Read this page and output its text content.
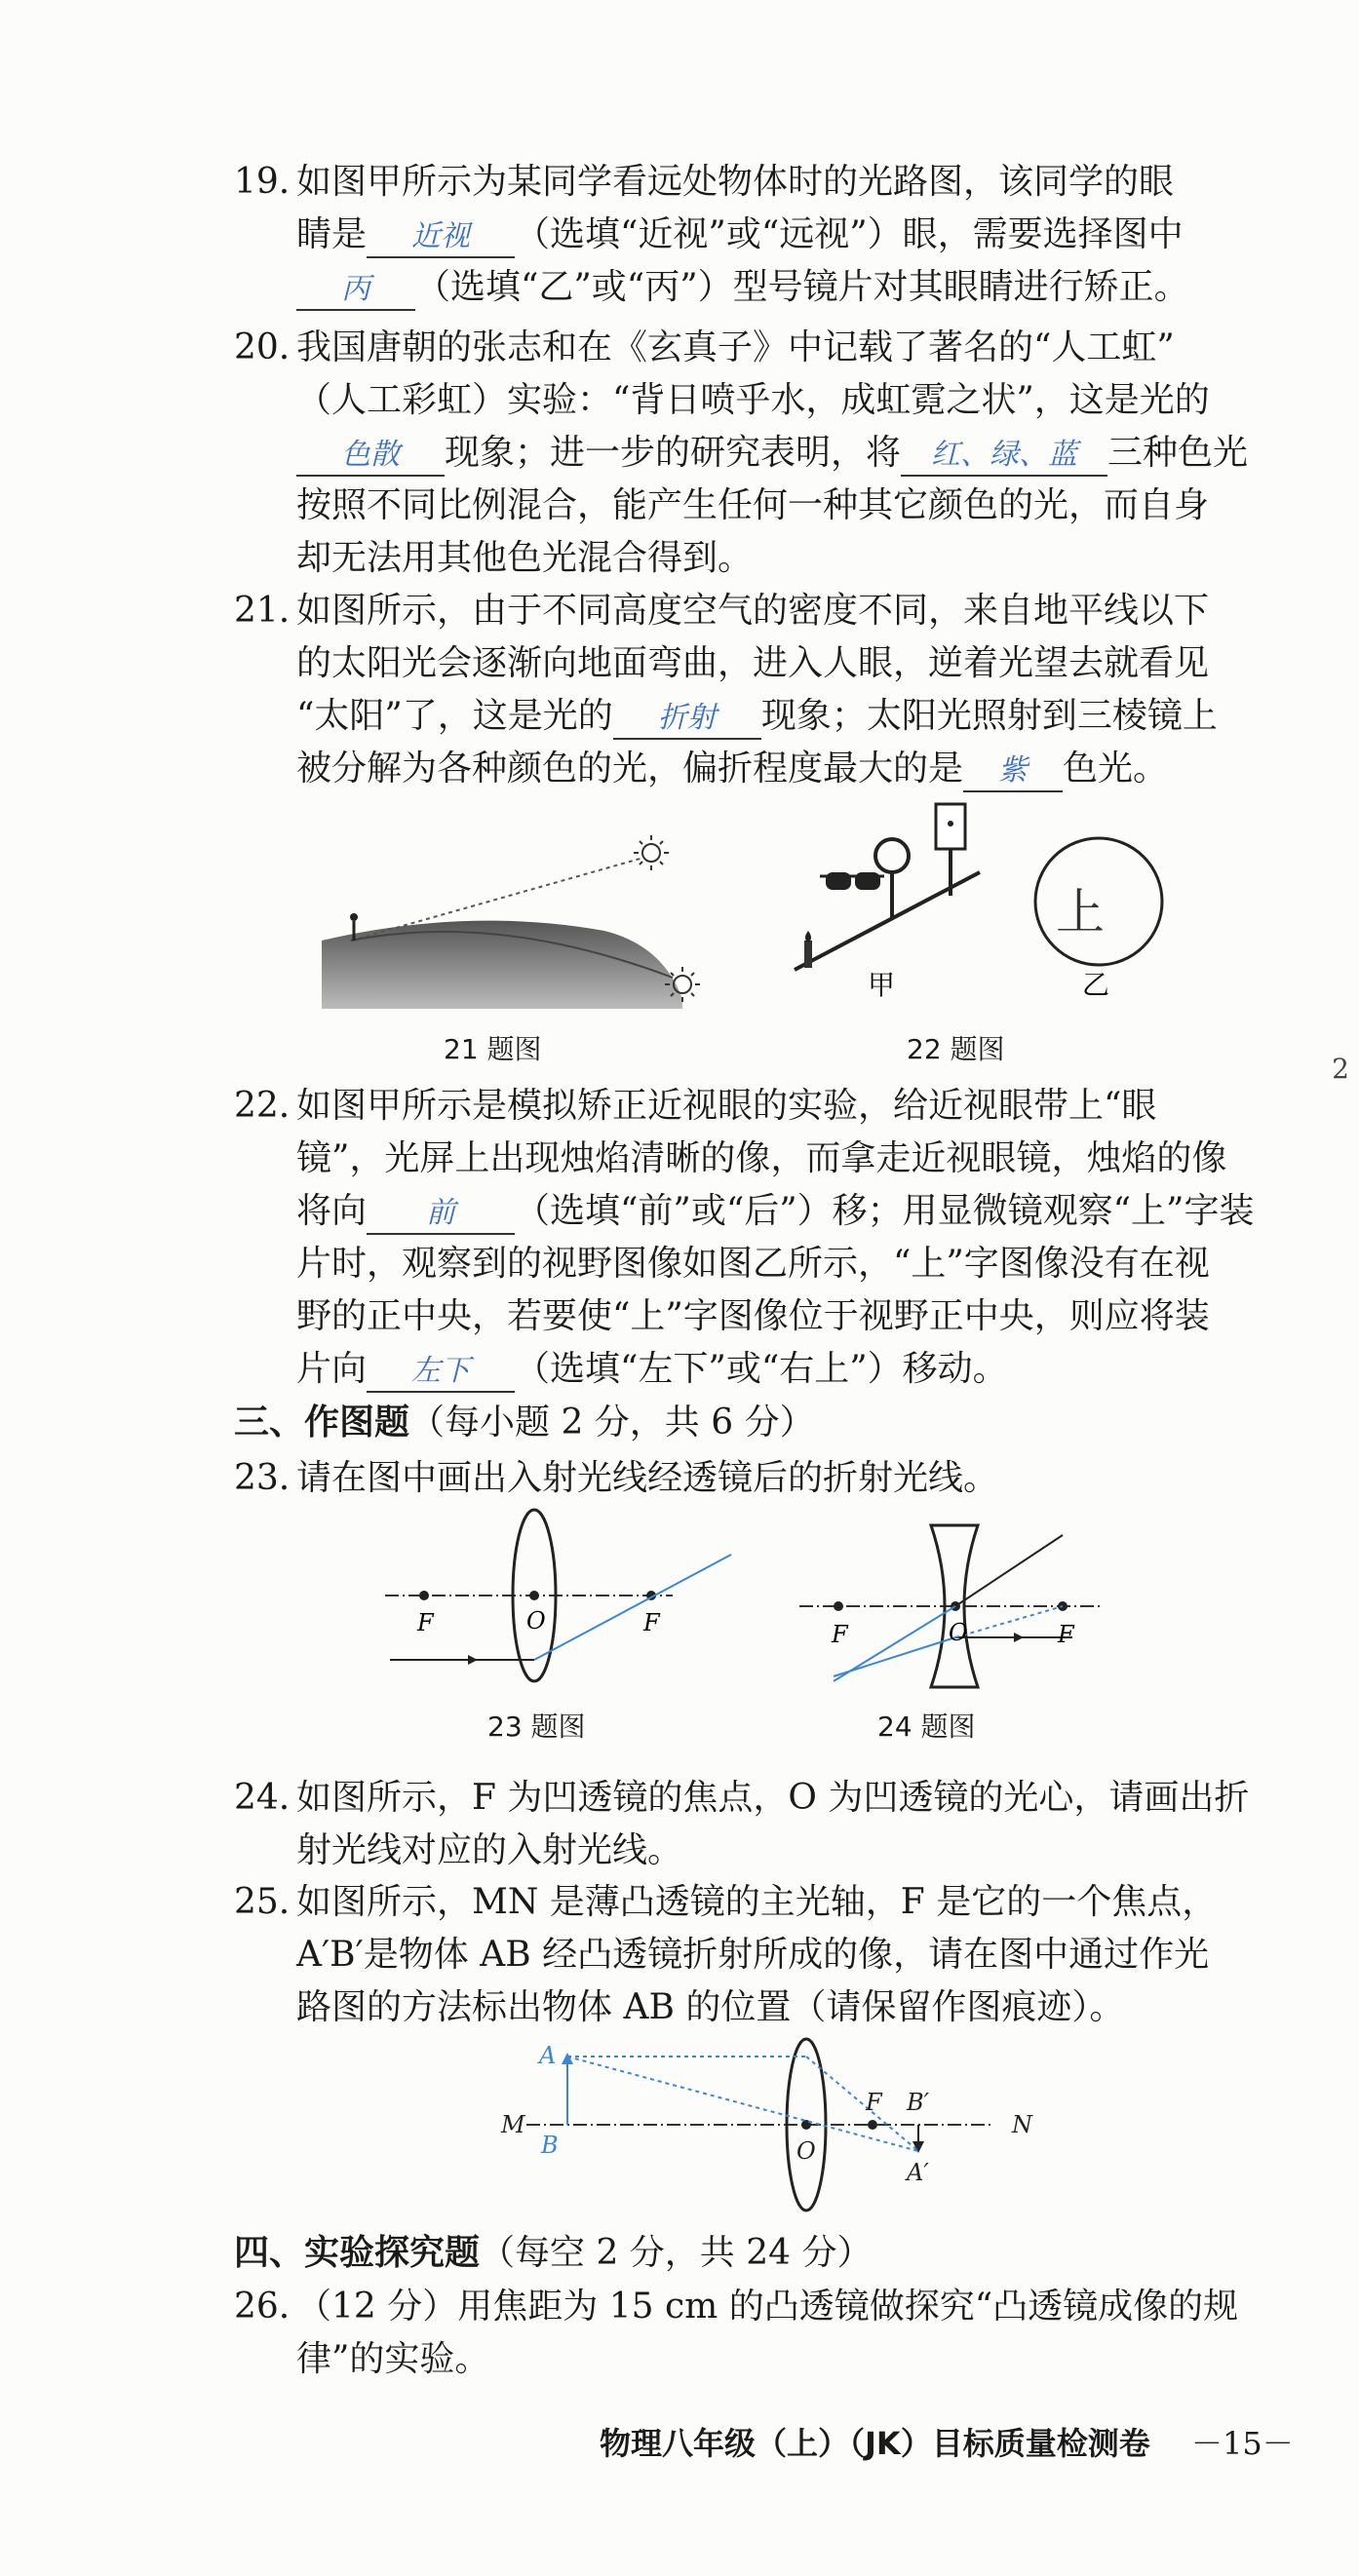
19. 如图甲所示为某同学看远处物体时的光路图，该同学的眼

睛是 近视 （选填“近视”或“远视”）眼，需要选择图中

丙 （选填“乙”或“丙”）型号镜片对其眼睛进行矫正。

20. 我国唐朝的张志和在《玄真子》中记载了著名的“人工虹”

（人工彩虹）实验：“背日喷乎水，成虹霓之状”，这是光的

色散 现象；进一步的研究表明，将 红、绿、蓝 三种色光

按照不同比例混合，能产生任何一种其它颜色的光，而自身

却无法用其他色光混合得到。

21. 如图所示，由于不同高度空气的密度不同，来自地平线以下

的太阳光会逐渐向地面弯曲，进入人眼，逆着光望去就看见

“太阳”了，这是光的 折射 现象；太阳光照射到三棱镜上

被分解为各种颜色的光，偏折程度最大的是 紫 色光。

21 题图
甲
上
乙
22 题图
2

22. 如图甲所示是模拟矫正近视眼的实验，给近视眼带上“眼

镜”，光屏上出现烛焰清晰的像，而拿走近视眼镜，烛焰的像

将向 前 （选填“前”或“后”）移；用显微镜观察“上”字装

片时，观察到的视野图像如图乙所示，“上”字图像没有在视

野的正中央，若要使“上”字图像位于视野正中央，则应将装

片向 左下 （选填“左下”或“右上”）移动。

三、作图题（每小题 2 分，共 6 分）

23. 请在图中画出入射光线经透镜后的折射光线。

F	O	F
23 题图
F	O	F
24 题图

24. 如图所示，F 为凹透镜的焦点，O 为凹透镜的光心，请画出折

射光线对应的入射光线。

25. 如图所示，MN 是薄凸透镜的主光轴，F 是它的一个焦点，

A′B′是物体 AB 经凸透镜折射所成的像，请在图中通过作光

路图的方法标出物体 AB 的位置（请保留作图痕迹）。

M	N
A
B	O
F B′
A′
四、实验探究题（每空 2 分，共 24 分）

26. （12 分）用焦距为 15 cm 的凸透镜做探究“凸透镜成像的规

律”的实验。

物理八年级（上）（JK）目标质量检测卷 －15－
